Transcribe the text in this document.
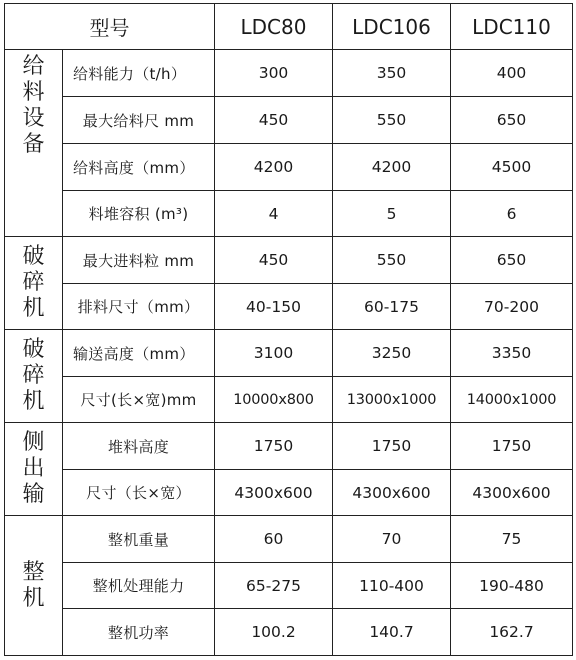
型号		LDC80	LDC106	LDC110
给料设备	给料能力（t/h）	300	350	400
	最大给料尺 mm	450	550	650
	给料高度（mm）	4200	4200	4500
	料堆容积 (m³)	4	5	6
破碎机	最大进料粒 mm	450	550	650
	排料尺寸（mm）	40-150	60-175	70-200
破碎机	输送高度（mm）	3100	3250	3350
	尺寸(长×宽)mm	10000x800	13000x1000	14000x1000
侧出输	堆料高度	1750	1750	1750
	尺寸（长×宽）	4300x600	4300x600	4300x600
整机	整机重量	60	70	75
	整机处理能力	65-275	110-400	190-480
	整机功率	100.2	140.7	162.7
